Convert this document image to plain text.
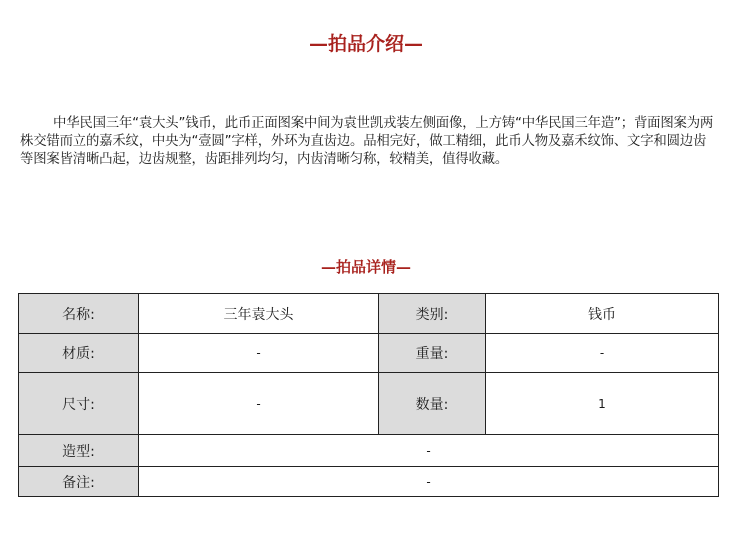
—拍品介绍—

中华民国三年“袁大头”钱币，此币正面图案中间为袁世凯戎装左侧面像，上方铸“中华民国三年造”；背面图案为两株交错而立的嘉禾纹，中央为“壹圆”字样，外环为直齿边。品相完好，做工精细，此币人物及嘉禾纹饰、文字和圆边齿等图案皆清晰凸起，边齿规整，齿距排列均匀，内齿清晰匀称，较精美，值得收藏。

—拍品详情—
名称:	三年袁大头	类别:	钱币
材质:	-	重量:	-
尺寸:	-	数量:	1
造型:	-		
备注:	-		
